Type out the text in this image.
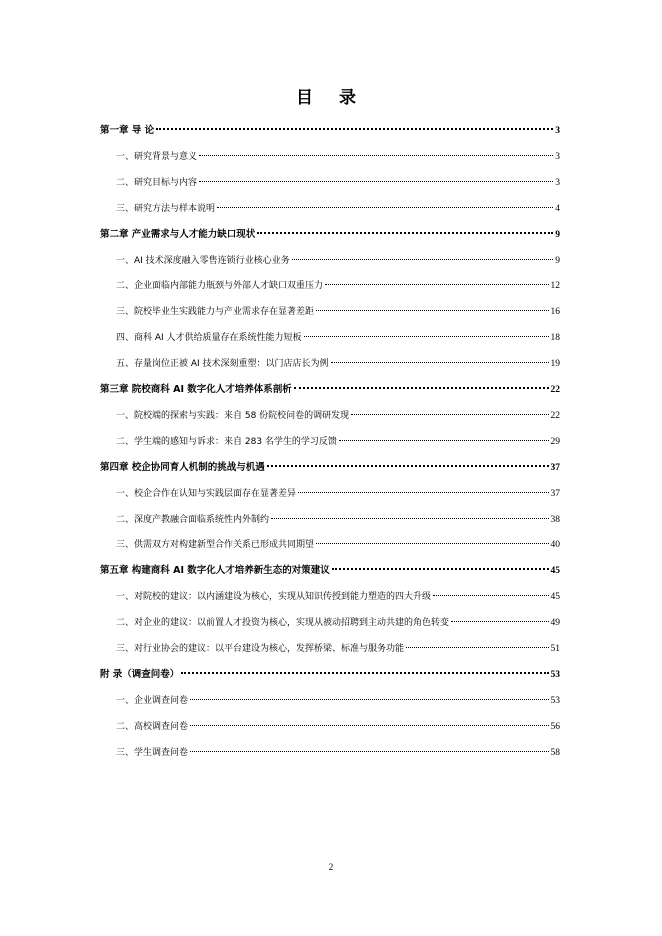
目 录
第一章 导 论	3
一、研究背景与意义	3
二、研究目标与内容	3
三、研究方法与样本说明	4
第二章 产业需求与人才能力缺口现状	9
一、AI 技术深度融入零售连锁行业核心业务	9
二、企业面临内部能力瓶颈与外部人才缺口双重压力	12
三、院校毕业生实践能力与产业需求存在显著差距	16
四、商科 AI 人才供给质量存在系统性能力短板	18
五、存量岗位正被 AI 技术深刻重塑：以门店店长为例	19
第三章 院校商科 AI 数字化人才培养体系剖析	22
一、院校端的探索与实践：来自 58 份院校问卷的调研发现	22
二、学生端的感知与诉求：来自 283 名学生的学习反馈	29
第四章 校企协同育人机制的挑战与机遇	37
一、校企合作在认知与实践层面存在显著差异	37
二、深度产教融合面临系统性内外制约	38
三、供需双方对构建新型合作关系已形成共同期望	40
第五章 构建商科 AI 数字化人才培养新生态的对策建议	45
一、对院校的建议：以内涵建设为核心，实现从知识传授到能力塑造的四大升级	45
二、对企业的建议：以前置人才投资为核心，实现从被动招聘到主动共建的角色转变	49
三、对行业协会的建议：以平台建设为核心，发挥桥梁、标准与服务功能	51
附 录（调查问卷）	53
一、企业调查问卷	53
二、高校调查问卷	56
三、学生调查问卷	58
2
